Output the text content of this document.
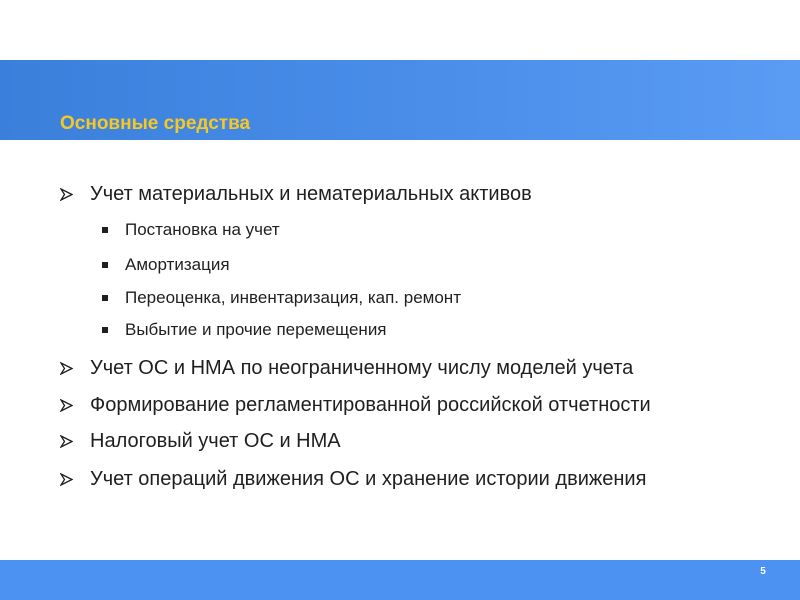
Основные средства
Учет материальных и нематериальных активов
Постановка на учет
Амортизация
Переоценка, инвентаризация, кап. ремонт
Выбытие и прочие перемещения
Учет ОС и НМА по неограниченному числу моделей учета
Формирование регламентированной российской отчетности
Налоговый учет ОС и НМА
Учет операций движения ОС и хранение истории движения
5
